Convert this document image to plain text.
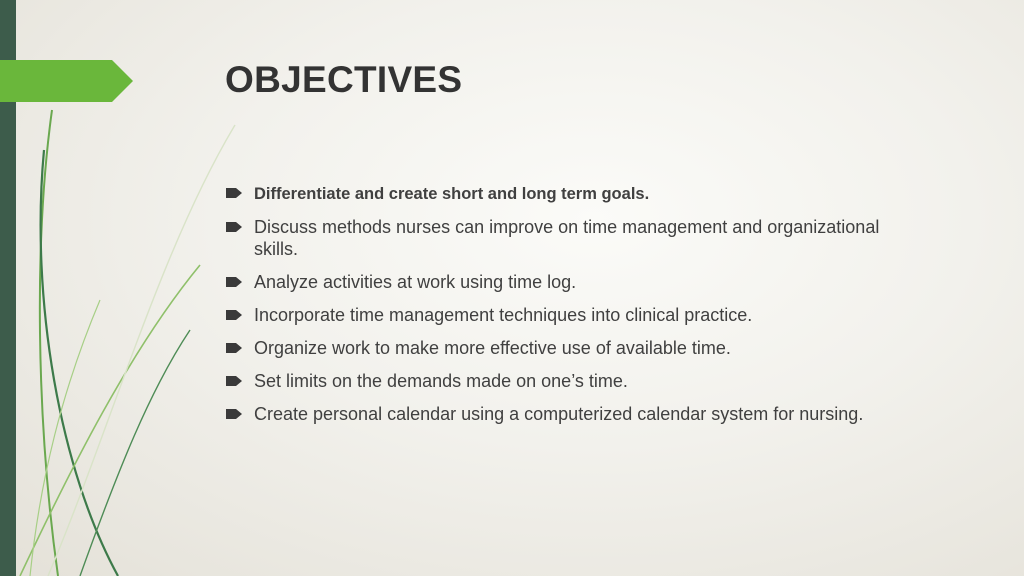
OBJECTIVES
Differentiate and create short and long term goals.
Discuss methods nurses can improve on time management and organizational skills.
Analyze activities at work using time log.
Incorporate time management techniques into clinical practice.
Organize work to make more effective use of available time.
Set limits on the demands made on one’s time.
Create personal calendar using a computerized calendar system for nursing.
